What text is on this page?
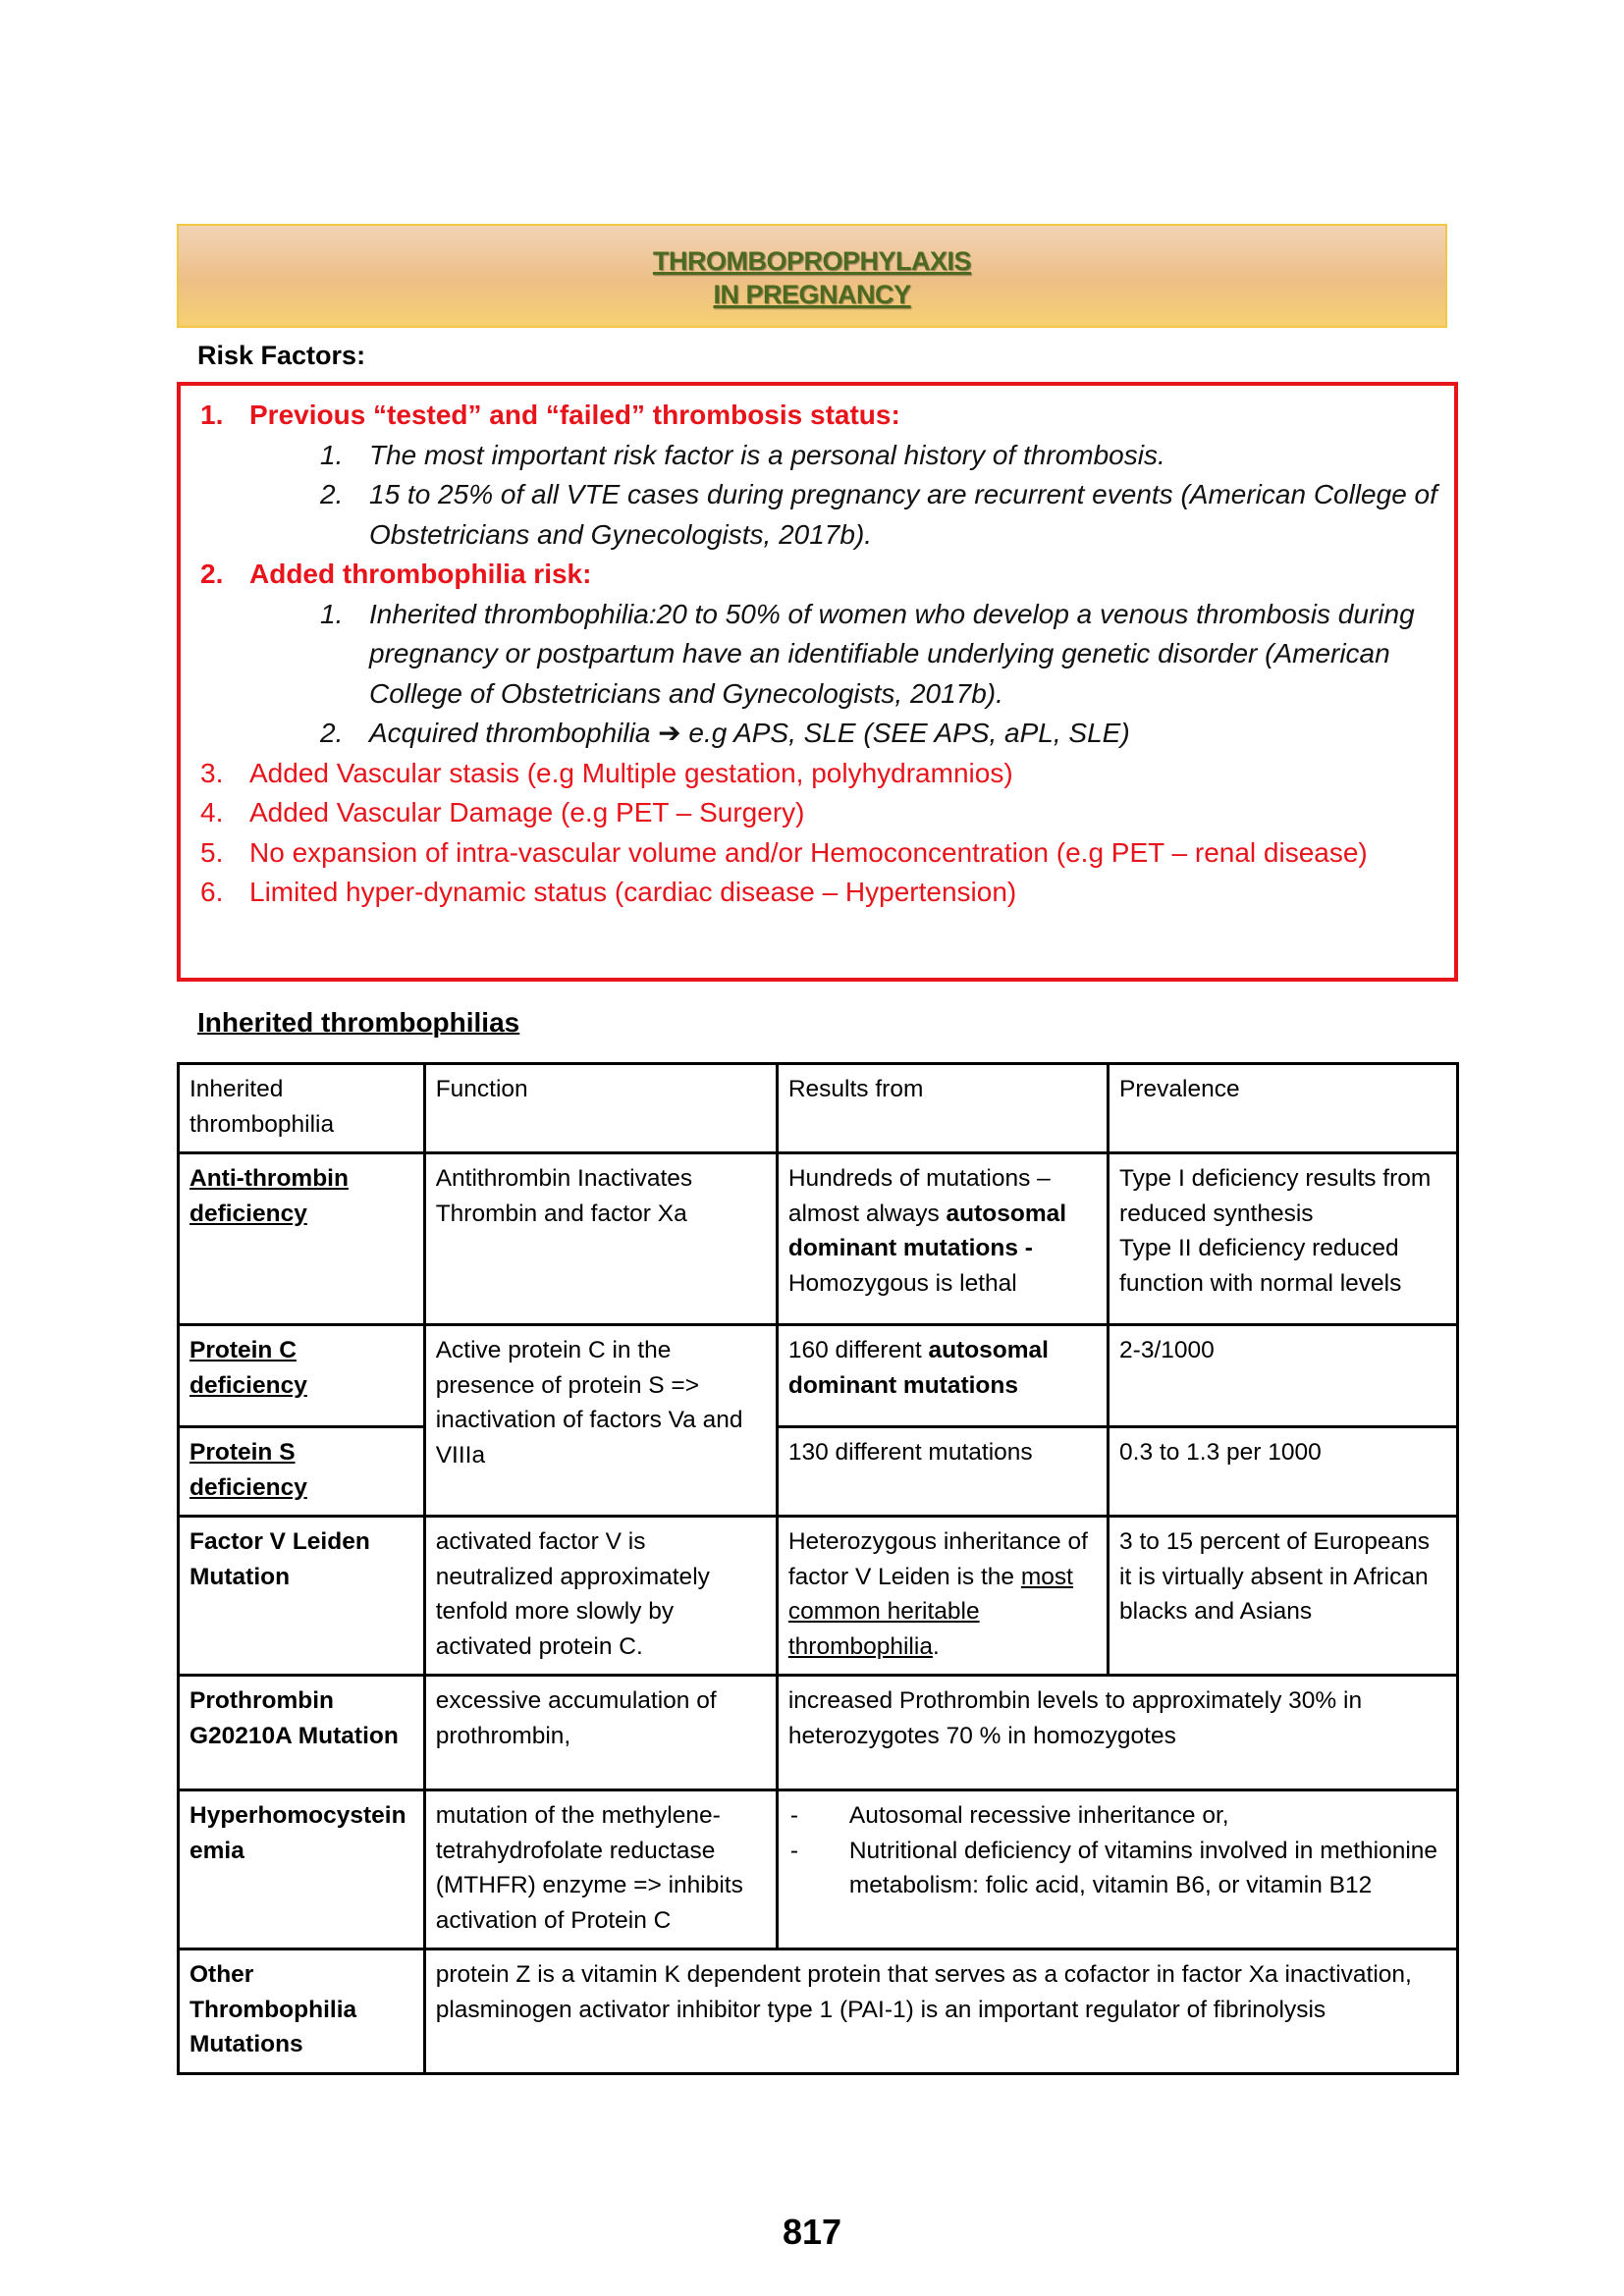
THROMBOPROPHYLAXIS
IN PREGNANCY
Risk Factors:
1. Previous “tested” and “failed” thrombosis status:
1. The most important risk factor is a personal history of thrombosis.
2. 15 to 25% of all VTE cases during pregnancy are recurrent events (American College of Obstetricians and Gynecologists, 2017b).
2. Added thrombophilia risk:
1. Inherited thrombophilia:20 to 50% of women who develop a venous thrombosis during pregnancy or postpartum have an identifiable underlying genetic disorder (American College of Obstetricians and Gynecologists, 2017b).
2. Acquired thrombophilia ➔ e.g APS, SLE (SEE APS, aPL, SLE)
3. Added Vascular stasis (e.g Multiple gestation, polyhydramnios)
4. Added Vascular Damage (e.g PET – Surgery)
5. No expansion of intra-vascular volume and/or Hemoconcentration (e.g PET – renal disease)
6. Limited hyper-dynamic status (cardiac disease – Hypertension)
Inherited thrombophilias
Inherited thrombophilia	Function	Results from	Prevalence
Anti-thrombin deficiency	Antithrombin Inactivates Thrombin and factor Xa	Hundreds of mutations – almost always autosomal dominant mutations - Homozygous is lethal	Type I deficiency results from reduced synthesis
Type II deficiency reduced function with normal levels

Protein C deficiency	Active protein C in the presence of protein S => inactivation of factors Va and VIIIa	160 different autosomal dominant mutations	2-3/1000
Protein S deficiency		130 different mutations	0.3 to 1.3 per 1000
Factor V Leiden Mutation	activated factor V is neutralized approximately tenfold more slowly by activated protein C.	Heterozygous inheritance of factor V Leiden is the most common heritable thrombophilia.	3 to 15 percent of Europeans
it is virtually absent in African blacks and Asians

Prothrombin G20210A Mutation	excessive accumulation of prothrombin,	increased Prothrombin levels to approximately 30% in heterozygotes 70 % in homozygotes	
Hyperhomocysteinemia	mutation of the methylene-tetrahydrofolate reductase (MTHFR) enzyme => inhibits activation of Protein C	
- Autosomal recessive inheritance or,
- Nutritional deficiency of vitamins involved in methionine metabolism: folic acid, vitamin B6, or vitamin B12

Other Thrombophilia Mutations	protein Z is a vitamin K dependent protein that serves as a cofactor in factor Xa inactivation, plasminogen activator inhibitor type 1 (PAI-1) is an important regulator of fibrinolysis		
817
